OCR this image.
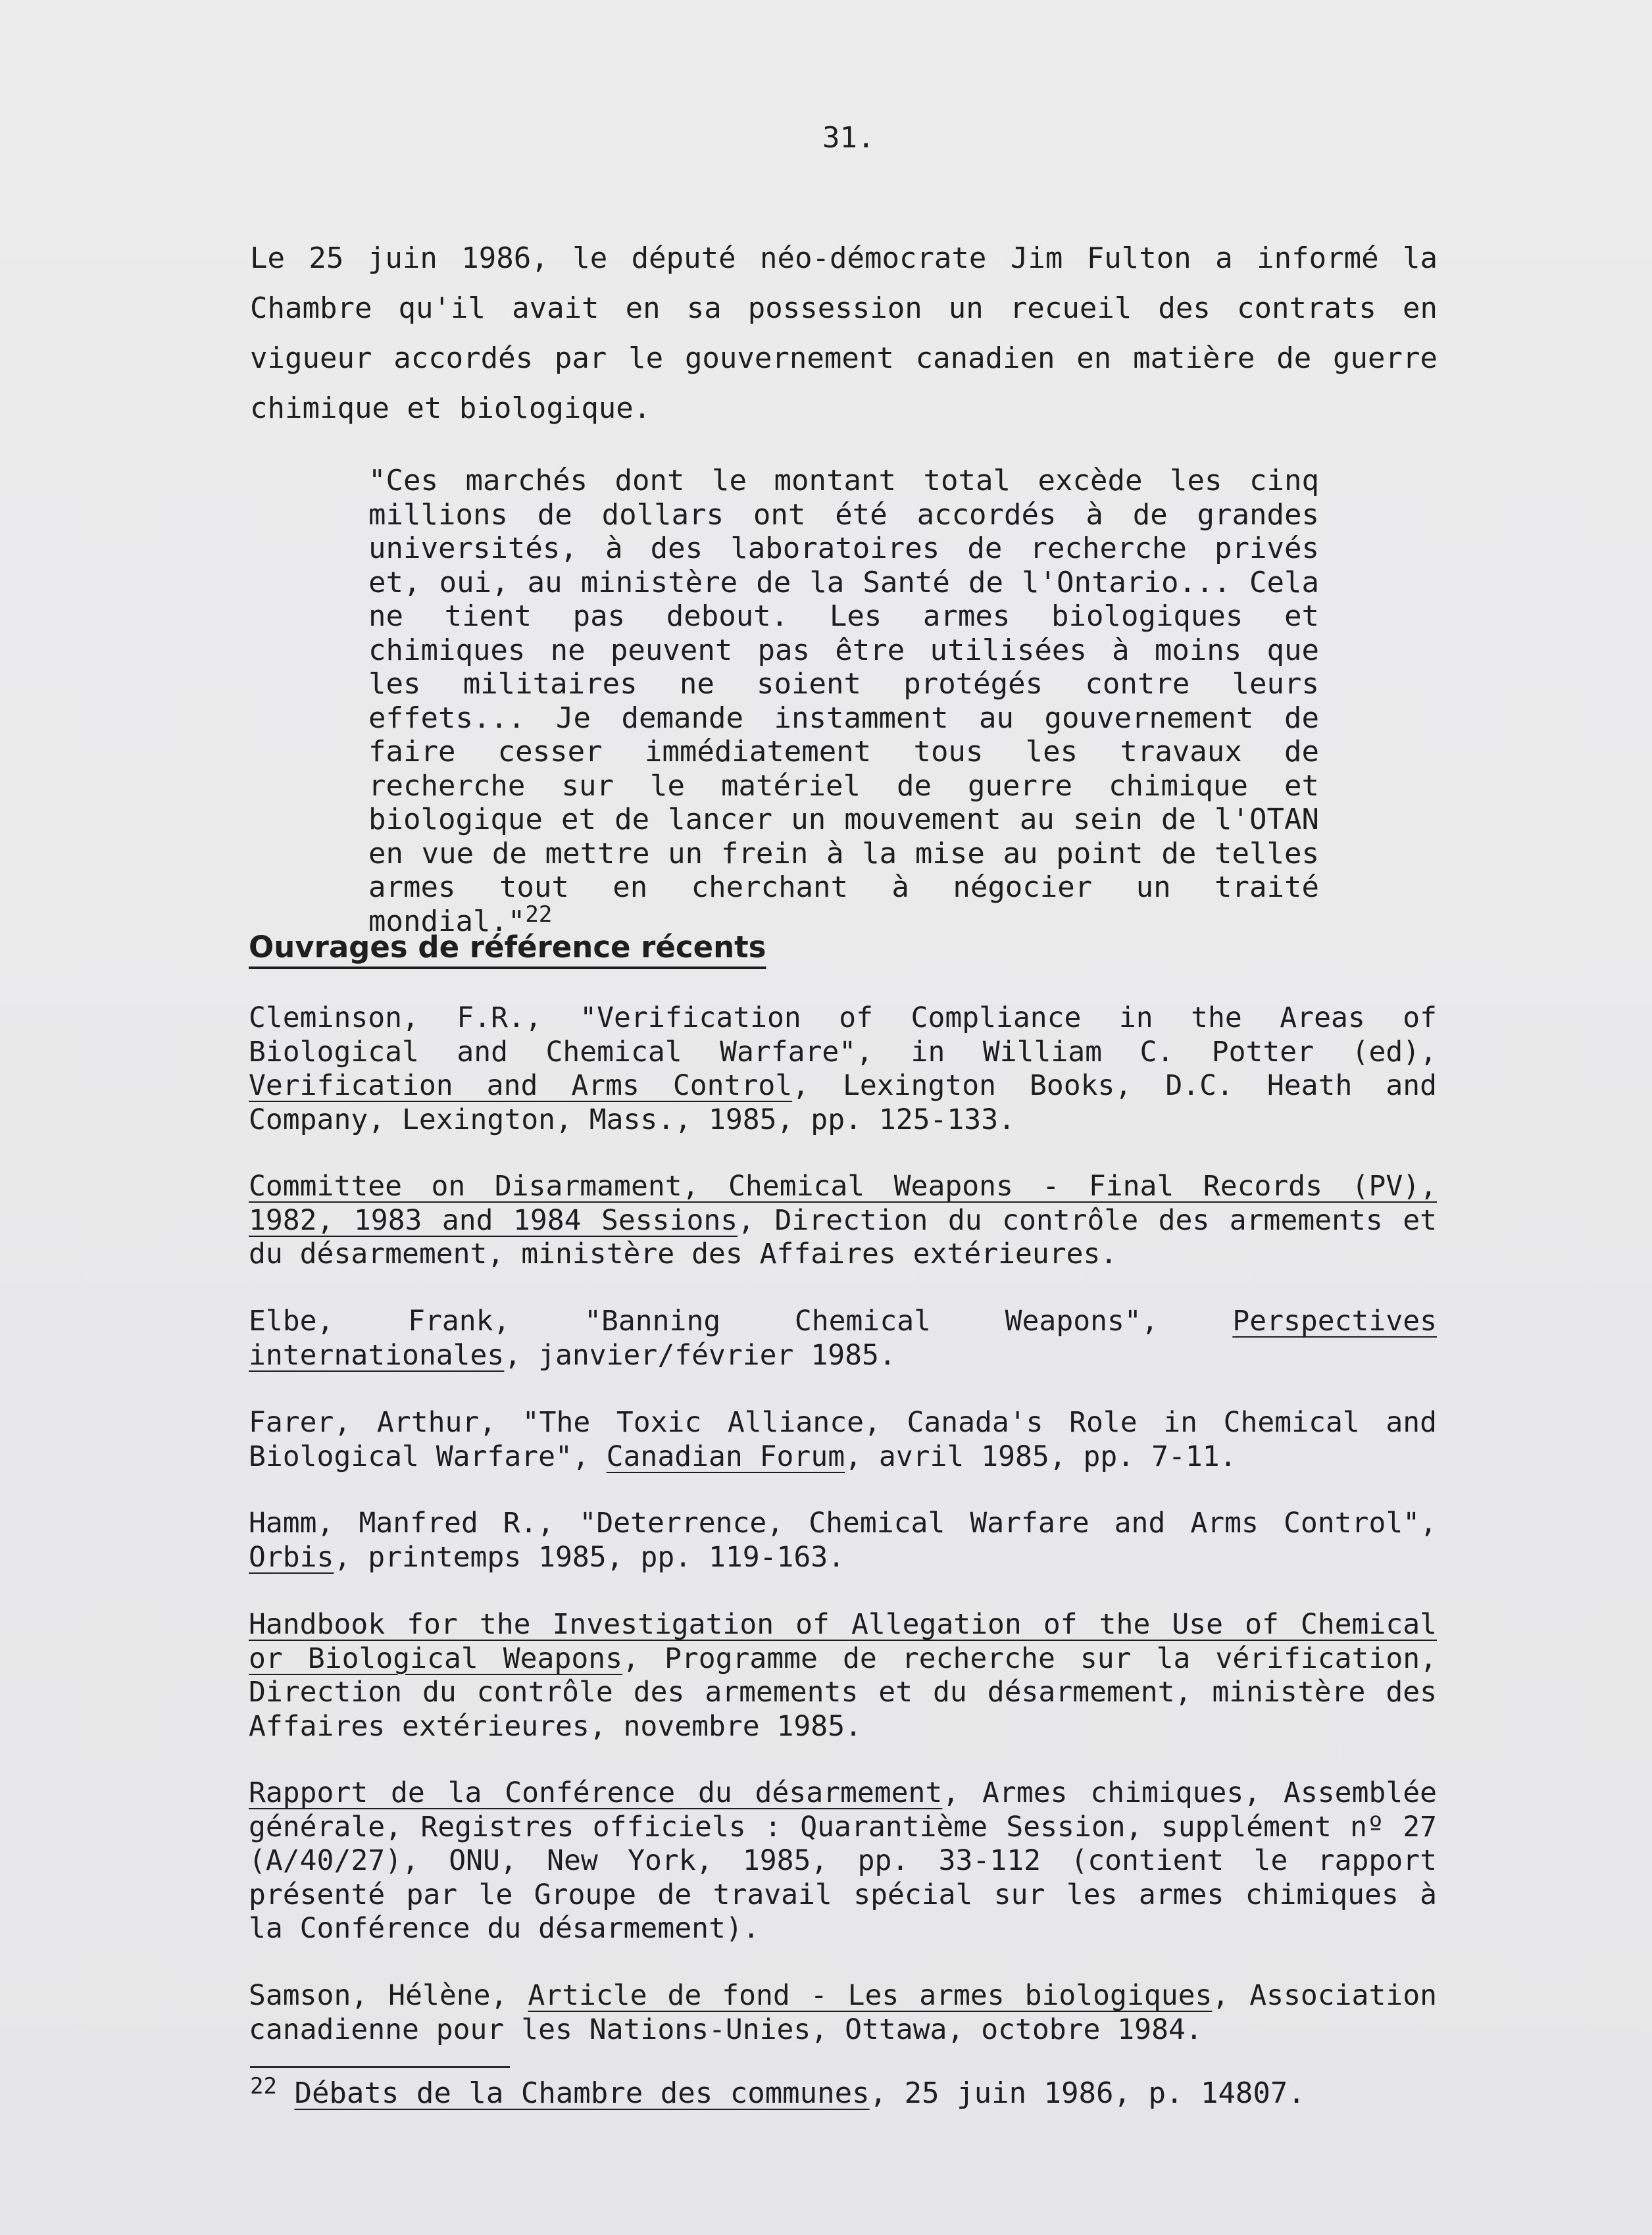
31.

Le 25 juin 1986, le député néo-démocrate Jim Fulton a informé la Chambre qu'il avait en sa possession un recueil des contrats en vigueur accordés par le gouvernement canadien en matière de guerre chimique et biologique.

"Ces marchés dont le montant total excède les cinq millions de dollars ont été accordés à de grandes universités, à des laboratoires de recherche privés et, oui, au ministère de la Santé de l'Ontario... Cela ne tient pas debout. Les armes biologiques et chimiques ne peuvent pas être utilisées à moins que les militaires ne soient protégés contre leurs effets... Je demande instamment au gouvernement de faire cesser immédiatement tous les travaux de recherche sur le matériel de guerre chimique et biologique et de lancer un mouvement au sein de l'OTAN en vue de mettre un frein à la mise au point de telles armes tout en cherchant à négocier un traité mondial."$^{22}$

Ouvrages de référence récents

Cleminson, F.R., "Verification of Compliance in the Areas of Biological and Chemical Warfare", in William C. Potter (ed), Verification and Arms Control, Lexington Books, D.C. Heath and Company, Lexington, Mass., 1985, pp. 125-133.

Committee on Disarmament, Chemical Weapons - Final Records (PV), 1982, 1983 and 1984 Sessions, Direction du contrôle des armements et du désarmement, ministère des Affaires extérieures.

Elbe, Frank, "Banning Chemical Weapons", Perspectives internationales, janvier/février 1985.

Farer, Arthur, "The Toxic Alliance, Canada's Role in Chemical and Biological Warfare", Canadian Forum, avril 1985, pp. 7-11.

Hamm, Manfred R., "Deterrence, Chemical Warfare and Arms Control", Orbis, printemps 1985, pp. 119-163.

Handbook for the Investigation of Allegation of the Use of Chemical or Biological Weapons, Programme de recherche sur la vérification, Direction du contrôle des armements et du désarmement, ministère des Affaires extérieures, novembre 1985.

Rapport de la Conférence du désarmement, Armes chimiques, Assemblée générale, Registres officiels : Quarantième Session, supplément nº 27 (A/40/27), ONU, New York, 1985, pp. 33-112 (contient le rapport présenté par le Groupe de travail spécial sur les armes chimiques à la Conférence du désarmement).

Samson, Hélène, Article de fond - Les armes biologiques, Association canadienne pour les Nations-Unies, Ottawa, octobre 1984.

$^{22}$ Débats de la Chambre des communes, 25 juin 1986, p. 14807.
